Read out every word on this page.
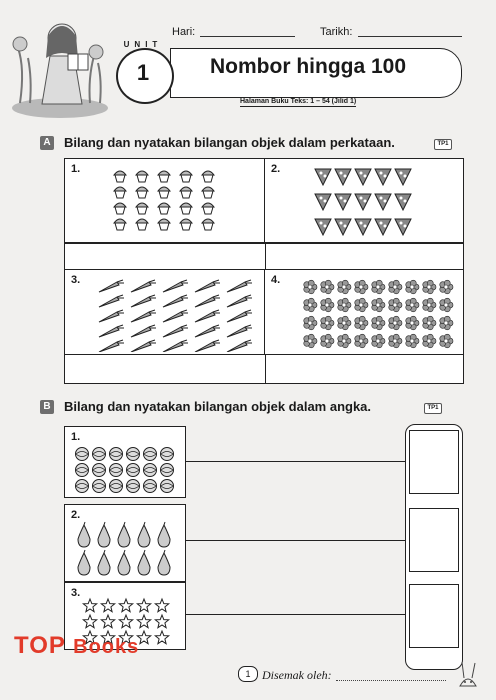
Hari:	Tarikh:
UNIT
1	Nombor hingga 100
Halaman Buku Teks: 1 – 54 (Jilid 1)
A Bilang dan nyatakan bilangan objek dalam perkataan.	TP1
1.	2.
3.	4.
B Bilang dan nyatakan bilangan objek dalam angka.	TP1
1.
2.
3.
TOP Books
1 Disemak oleh:
